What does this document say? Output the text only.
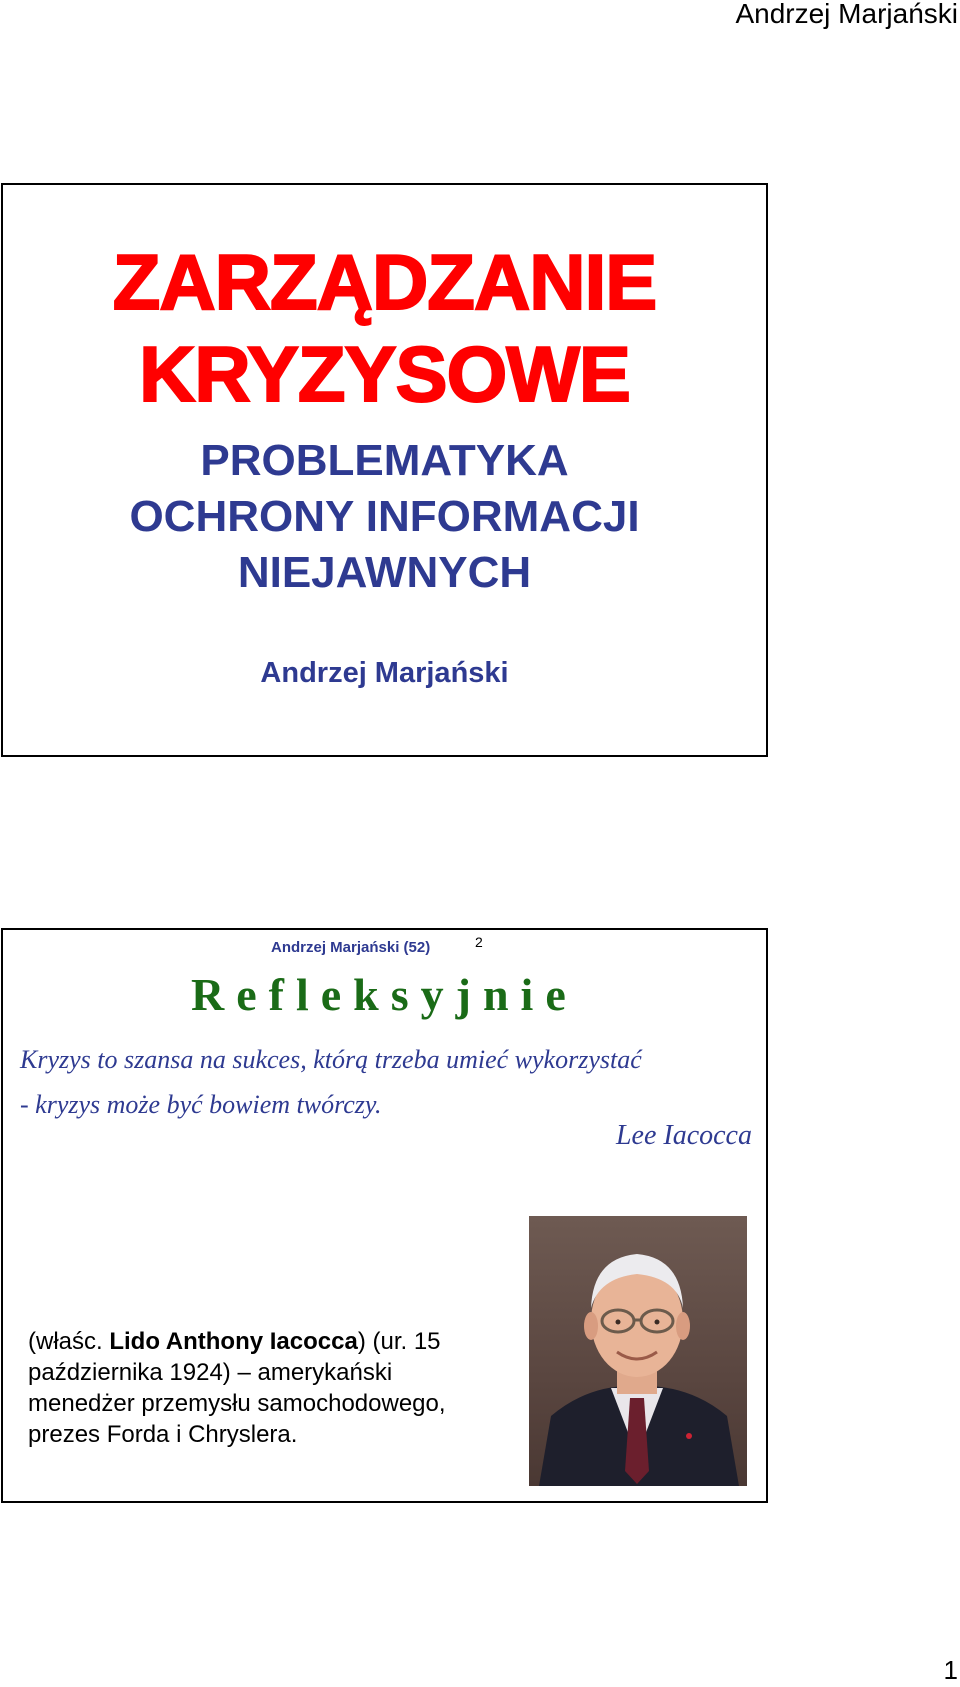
Andrzej Marjański
ZARZĄDZANIE
KRYZYSOWE
PROBLEMATYKA
OCHRONY INFORMACJI
NIEJAWNYCH
Andrzej Marjański
Andrzej Marjański (52)	2
Refleksyjnie
Kryzys to szansa na sukces, którą trzeba umieć wykorzystać
- kryzys może być bowiem twórczy.
Lee Iacocca
(właśc. Lido Anthony Iacocca) (ur. 15 października 1924) – amerykański menedżer przemysłu samochodowego, prezes Forda i Chryslera.
1
